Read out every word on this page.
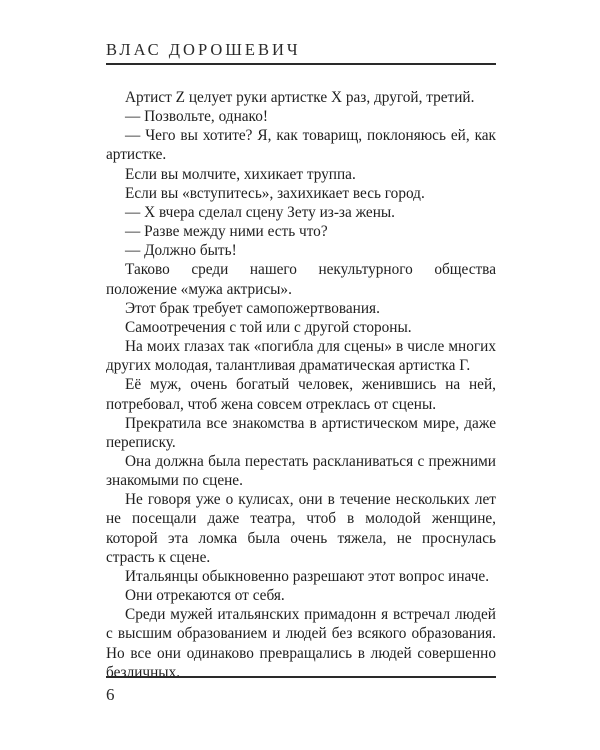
ВЛАС ДОРОШЕВИЧ

Артист Z целует руки артистке X раз, другой, третий.

— Позвольте, однако!

— Чего вы хотите? Я, как товарищ, поклоняюсь ей, как артистке.

Если вы молчите, хихикает труппа.

Если вы «вступитесь», захихикает весь город.

— X вчера сделал сцену Зету из-за жены.

— Разве между ними есть что?

— Должно быть!

Таково среди нашего некультурного общества положение «мужа актрисы».

Этот брак требует самопожертвования.

Самоотречения с той или с другой стороны.

На моих глазах так «погибла для сцены» в числе многих других молодая, талантливая драматическая артистка Г.

Её муж, очень богатый человек, женившись на ней, потребовал, чтоб жена совсем отреклась от сцены.

Прекратила все знакомства в артистическом мире, даже переписку.

Она должна была перестать раскланиваться с прежними знакомыми по сцене.

Не говоря уже о кулисах, они в течение нескольких лет не посещали даже театра, чтоб в молодой женщине, которой эта ломка была очень тяжела, не проснулась страсть к сцене.

Итальянцы обыкновенно разрешают этот вопрос иначе.

Они отрекаются от себя.

Среди мужей итальянских примадонн я встречал людей с высшим образованием и людей без всякого образования. Но все они одинаково превращались в людей совершенно безличных.

6
